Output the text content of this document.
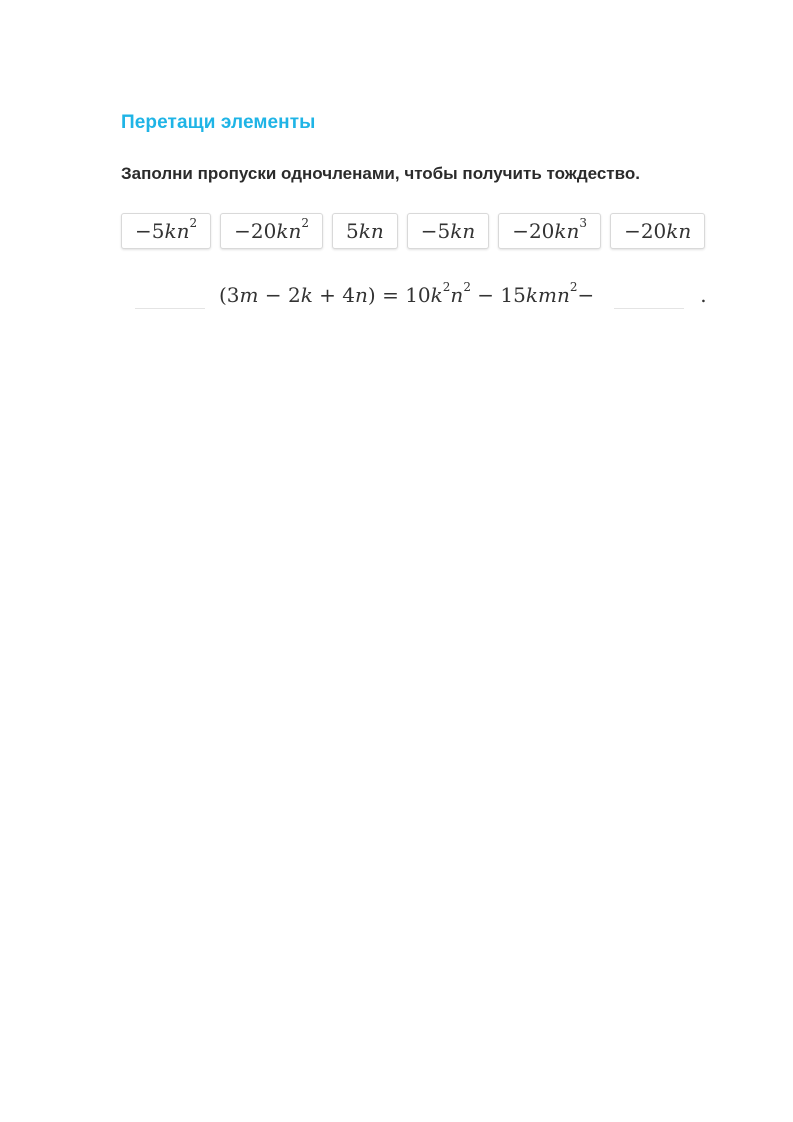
Перетащи элементы
Заполни пропуски одночленами, чтобы получить тождество.
$-5kn^2 -20kn^2$ $5kn -5kn -20kn^3 -20kn$
$(3m - 2k + 4n) = 10k^2n^2 - 15kmn^2-$	.
